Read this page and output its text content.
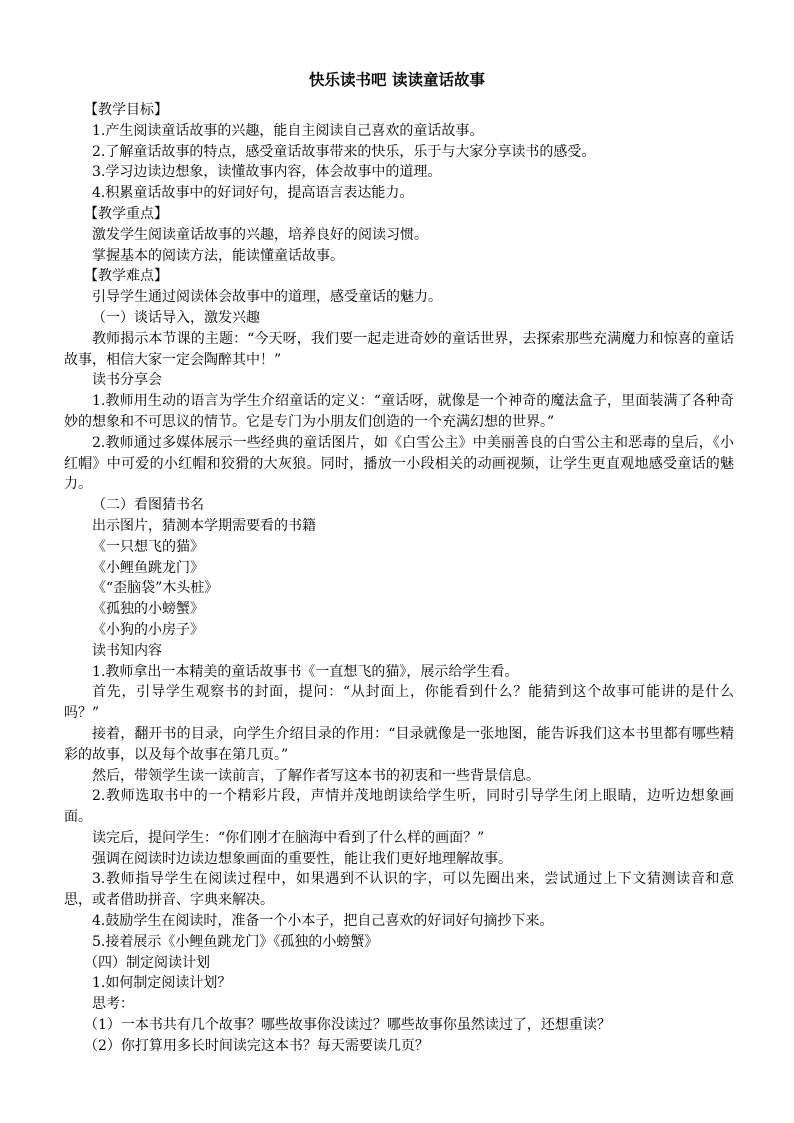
快乐读书吧 读读童话故事

【教学目标】

1.产生阅读童话故事的兴趣，能自主阅读自己喜欢的童话故事。

2.了解童话故事的特点，感受童话故事带来的快乐，乐于与大家分享读书的感受。

3.学习边读边想象，读懂故事内容，体会故事中的道理。

4.积累童话故事中的好词好句，提高语言表达能力。

【教学重点】

激发学生阅读童话故事的兴趣，培养良好的阅读习惯。

掌握基本的阅读方法，能读懂童话故事。

【教学难点】

引导学生通过阅读体会故事中的道理，感受童话的魅力。

（一）谈话导入，激发兴趣

教师揭示本节课的主题：“今天呀，我们要一起走进奇妙的童话世界，去探索那些充满魔力和惊喜的童话故事，相信大家一定会陶醉其中！”

读书分享会

1.教师用生动的语言为学生介绍童话的定义：“童话呀，就像是一个神奇的魔法盒子，里面装满了各种奇妙的想象和不可思议的情节。它是专门为小朋友们创造的一个充满幻想的世界。”

2.教师通过多媒体展示一些经典的童话图片，如《白雪公主》中美丽善良的白雪公主和恶毒的皇后，《小红帽》中可爱的小红帽和狡猾的大灰狼。同时，播放一小段相关的动画视频，让学生更直观地感受童话的魅力。

（二）看图猜书名

出示图片，猜测本学期需要看的书籍

《一只想飞的猫》

《小鲤鱼跳龙门》

《“歪脑袋”木头桩》

《孤独的小螃蟹》

《小狗的小房子》

读书知内容

1.教师拿出一本精美的童话故事书《一直想飞的猫》，展示给学生看。

首先，引导学生观察书的封面，提问：“从封面上，你能看到什么？能猜到这个故事可能讲的是什么吗？”

接着，翻开书的目录，向学生介绍目录的作用：“目录就像是一张地图，能告诉我们这本书里都有哪些精彩的故事，以及每个故事在第几页。”

然后，带领学生读一读前言，了解作者写这本书的初衷和一些背景信息。

2.教师选取书中的一个精彩片段，声情并茂地朗读给学生听，同时引导学生闭上眼睛，边听边想象画面。

读完后，提问学生：“你们刚才在脑海中看到了什么样的画面？”

强调在阅读时边读边想象画面的重要性，能让我们更好地理解故事。

3.教师指导学生在阅读过程中，如果遇到不认识的字，可以先圈出来，尝试通过上下文猜测读音和意思，或者借助拼音、字典来解决。

4.鼓励学生在阅读时，准备一个小本子，把自己喜欢的好词好句摘抄下来。

5.接着展示《小鲤鱼跳龙门》《孤独的小螃蟹》

（四）制定阅读计划

1.如何制定阅读计划？

思考：

（1）一本书共有几个故事？哪些故事你没读过？哪些故事你虽然读过了，还想重读？

（2）你打算用多长时间读完这本书？每天需要读几页？
